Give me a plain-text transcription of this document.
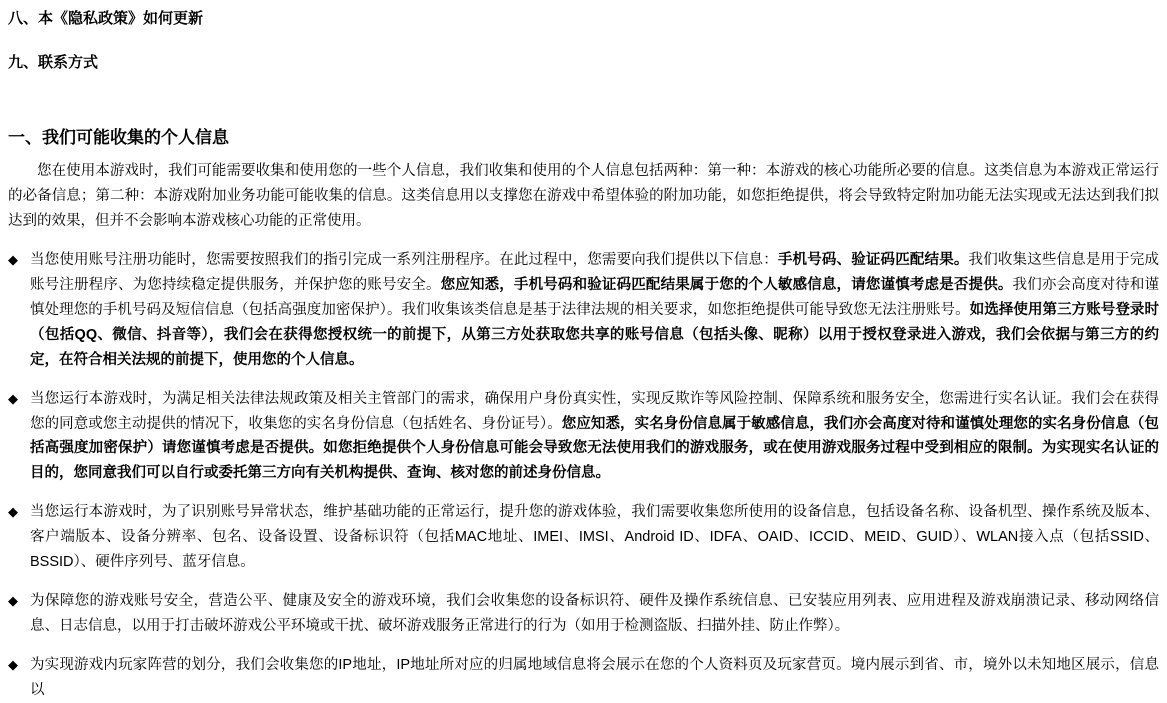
八、本《隐私政策》如何更新
九、联系方式
一、我们可能收集的个人信息
您在使用本游戏时，我们可能需要收集和使用您的一些个人信息，我们收集和使用的个人信息包括两种：第一种：本游戏的核心功能所必要的信息。这类信息为本游戏正常运行的必备信息；第二种：本游戏附加业务功能可能收集的信息。这类信息用以支撑您在游戏中希望体验的附加功能，如您拒绝提供，将会导致特定附加功能无法实现或无法达到我们拟达到的效果，但并不会影响本游戏核心功能的正常使用。
◆ 当您使用账号注册功能时，您需要按照我们的指引完成一系列注册程序。在此过程中，您需要向我们提供以下信息：手机号码、验证码匹配结果。我们收集这些信息是用于完成账号注册程序、为您持续稳定提供服务，并保护您的账号安全。您应知悉，手机号码和验证码匹配结果属于您的个人敏感信息，请您谨慎考虑是否提供。我们亦会高度对待和谨慎处理您的手机号码及短信信息（包括高强度加密保护）。我们收集该类信息是基于法律法规的相关要求，如您拒绝提供可能导致您无法注册账号。如选择使用第三方账号登录时（包括QQ、微信、抖音等），我们会在获得您授权统一的前提下，从第三方处获取您共享的账号信息（包括头像、昵称）以用于授权登录进入游戏，我们会依据与第三方的约定，在符合相关法规的前提下，使用您的个人信息。
◆ 当您运行本游戏时，为满足相关法律法规政策及相关主管部门的需求，确保用户身份真实性，实现反欺诈等风险控制、保障系统和服务安全，您需进行实名认证。我们会在获得您的同意或您主动提供的情况下，收集您的实名身份信息（包括姓名、身份证号）。您应知悉，实名身份信息属于敏感信息，我们亦会高度对待和谨慎处理您的实名身份信息（包括高强度加密保护）请您谨慎考虑是否提供。如您拒绝提供个人身份信息可能会导致您无法使用我们的游戏服务，或在使用游戏服务过程中受到相应的限制。为实现实名认证的目的，您同意我们可以自行或委托第三方向有关机构提供、查询、核对您的前述身份信息。
◆ 当您运行本游戏时，为了识别账号异常状态，维护基础功能的正常运行，提升您的游戏体验，我们需要收集您所使用的设备信息，包括设备名称、设备机型、操作系统及版本、客户端版本、设备分辨率、包名、设备设置、设备标识符（包括MAC地址、IMEI、IMSI、Android ID、IDFA、OAID、ICCID、MEID、GUID）、WLAN接入点（包括SSID、BSSID）、硬件序列号、蓝牙信息。
◆ 为保障您的游戏账号安全，营造公平、健康及安全的游戏环境，我们会收集您的设备标识符、硬件及操作系统信息、已安装应用列表、应用进程及游戏崩溃记录、移动网络信息、日志信息，以用于打击破坏游戏公平环境或干扰、破坏游戏服务正常进行的行为（如用于检测盗版、扫描外挂、防止作弊）。
◆ 为实现游戏内玩家阵营的划分，我们会收集您的IP地址，IP地址所对应的归属地域信息将会展示在您的个人资料页及玩家营页。境内展示到省、市，境外以未知地区展示，信息以
